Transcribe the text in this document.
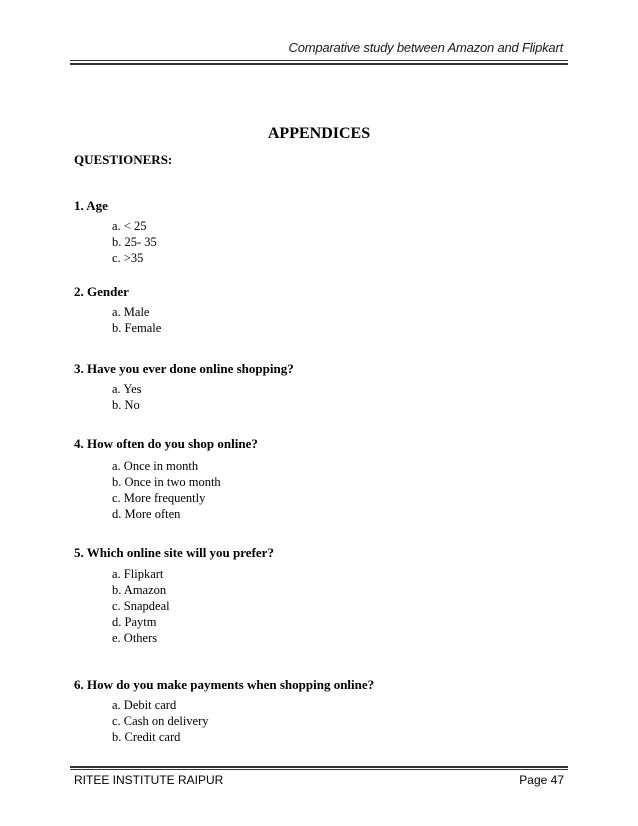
Comparative study between Amazon and Flipkart
APPENDICES
QUESTIONERS:
1. Age
a. < 25
b. 25- 35
c. >35
2. Gender
a. Male
b. Female
3. Have you ever done online shopping?
a. Yes
b. No
4. How often do you shop online?
a. Once in month
b. Once in two month
c. More frequently
d. More often
5. Which online site will you prefer?
a. Flipkart
b. Amazon
c. Snapdeal
d. Paytm
e. Others
6. How do you make payments when shopping online?
a. Debit card
c. Cash on delivery
b. Credit card
RITEE INSTITUTE RAIPUR	Page 47
